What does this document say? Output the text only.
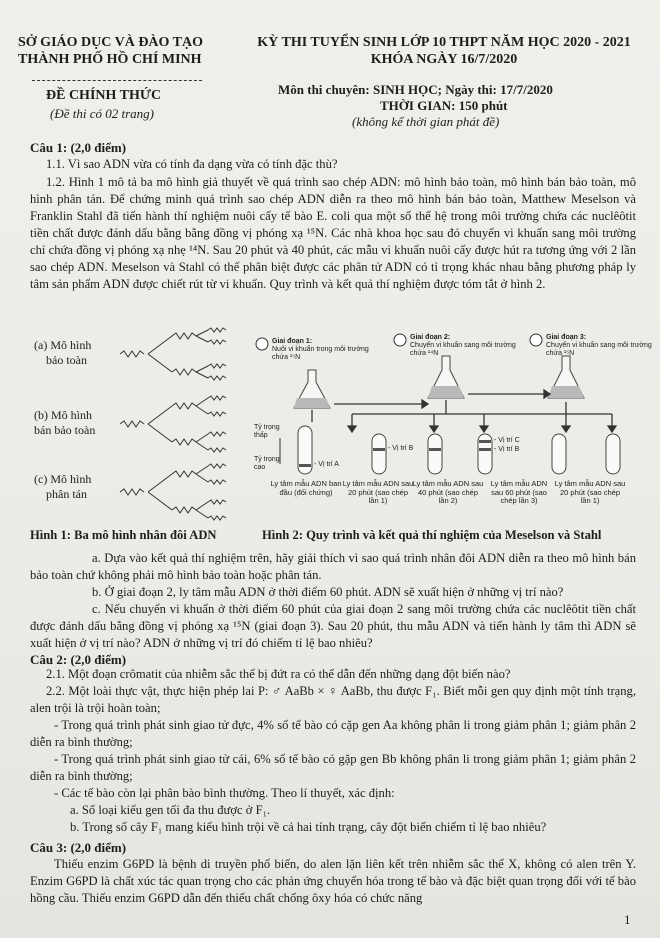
SỞ GIÁO DỤC VÀ ĐÀO TẠO
THÀNH PHỐ HỒ CHÍ MINH
KỲ THI TUYỂN SINH LỚP 10 THPT NĂM HỌC 2020 - 2021
KHÓA NGÀY 16/7/2020
ĐỀ CHÍNH THỨC
(Đề thi có 02 trang)
Môn thi chuyên: SINH HỌC; Ngày thi: 17/7/2020
THỜI GIAN: 150 phút
(không kể thời gian phát đề)
Câu 1: (2,0 điểm)
1.1. Vì sao ADN vừa có tính đa dạng vừa có tính đặc thù?
1.2. Hình 1 mô tả ba mô hình giả thuyết về quá trình sao chép ADN: mô hình bảo toàn, mô hình bán bảo toàn, mô hình phân tán. Để chứng minh quá trình sao chép ADN diễn ra theo mô hình bán bảo toàn, Matthew Meselson và Franklin Stahl đã tiến hành thí nghiệm nuôi cấy tế bào E. coli qua một số thế hệ trong môi trường chứa các nuclêôtit tiền chất được đánh dấu bằng bằng đồng vị phóng xạ ¹⁵N. Các nhà khoa học sau đó chuyển vi khuẩn sang môi trường chỉ chứa đồng vị phóng xạ nhẹ ¹⁴N. Sau 20 phút và 40 phút, các mẫu vi khuẩn nuôi cấy được hút ra tương ứng với 2 lần sao chép ADN. Meselson và Stahl có thể phân biệt được các phân tử ADN có tỉ trọng khác nhau bằng phương pháp ly tâm sản phẩm ADN được chiết rút từ vi khuẩn. Quy trình và kết quả thí nghiệm được tóm tắt ở hình 2.
(a) Mô hình
bảo toàn
(b) Mô hình
bán bảo toàn
(c) Mô hình
phân tán
Giai đoạn 1:
Nuôi vi khuẩn trong môi trường chứa ¹⁵N
Giai đoạn 2:
Chuyển vi khuẩn sang môi trường chứa ¹⁴N
Giai đoạn 3:
Chuyển vi khuẩn sang môi trường chứa ¹⁵N
Tỷ trọng thấp
Tỷ trọng cao	- Vị trí A
- Vị trí B
- Vị trí C
- Vị trí B
Ly tâm mẫu ADN ban đầu (đối chứng)
Ly tâm mẫu ADN sau 20 phút (sao chép lần 1)
Ly tâm mẫu ADN sau 40 phút (sao chép lần 2)
Ly tâm mẫu ADN sau 60 phút (sao chép lần 3)
Ly tâm mẫu ADN sau 20 phút (sao chép lần 1)
Hình 1: Ba mô hình nhân đôi ADN	Hình 2: Quy trình và kết quả thí nghiệm của Meselson và Stahl
a. Dựa vào kết quả thí nghiệm trên, hãy giải thích vì sao quá trình nhân đôi ADN diễn ra theo mô hình bán bảo toàn chứ không phải mô hình bảo toàn hoặc phân tán.
b. Ở giai đoạn 2, ly tâm mẫu ADN ở thời điểm 60 phút. ADN sẽ xuất hiện ở những vị trí nào?
c. Nếu chuyển vi khuẩn ở thời điểm 60 phút của giai đoạn 2 sang môi trường chứa các nuclêôtit tiền chất được đánh dấu bằng đồng vị phóng xạ ¹⁵N (giai đoạn 3). Sau 20 phút, thu mẫu ADN và tiến hành ly tâm thì ADN sẽ xuất hiện ở vị trí nào? ADN ở những vị trí đó chiếm tỉ lệ bao nhiêu?
Câu 2: (2,0 điểm)
2.1. Một đoạn crômatit của nhiễm sắc thể bị đứt ra có thể dẫn đến những dạng đột biến nào?
2.2. Một loài thực vật, thực hiện phép lai P: ♂ AaBb × ♀ AaBb, thu được F₁. Biết mỗi gen quy định một tính trạng, alen trội là trội hoàn toàn;
- Trong quá trình phát sinh giao tử đực, 4% số tế bào có cặp gen Aa không phân li trong giảm phân 1; giảm phân 2 diễn ra bình thường;
- Trong quá trình phát sinh giao tử cái, 6% số tế bào có gặp gen Bb không phân li trong giảm phân 1; giảm phân 2 diễn ra bình thường;
- Các tế bào còn lại phân bào bình thường. Theo lí thuyết, xác định:
a. Số loại kiểu gen tối đa thu được ở F₁.
b. Trong số cây F₁ mang kiểu hình trội về cả hai tính trạng, cây đột biến chiếm tỉ lệ bao nhiêu?
Câu 3: (2,0 điểm)
Thiếu enzim G6PD là bệnh di truyền phổ biến, do alen lặn liên kết trên nhiễm sắc thể X, không có alen trên Y. Enzim G6PD là chất xúc tác quan trọng cho các phản ứng chuyển hóa trong tế bào và đặc biệt quan trọng đối với tế bào hồng cầu. Thiếu enzim G6PD dẫn đến thiếu chất chống ôxy hóa có chức năng
1
